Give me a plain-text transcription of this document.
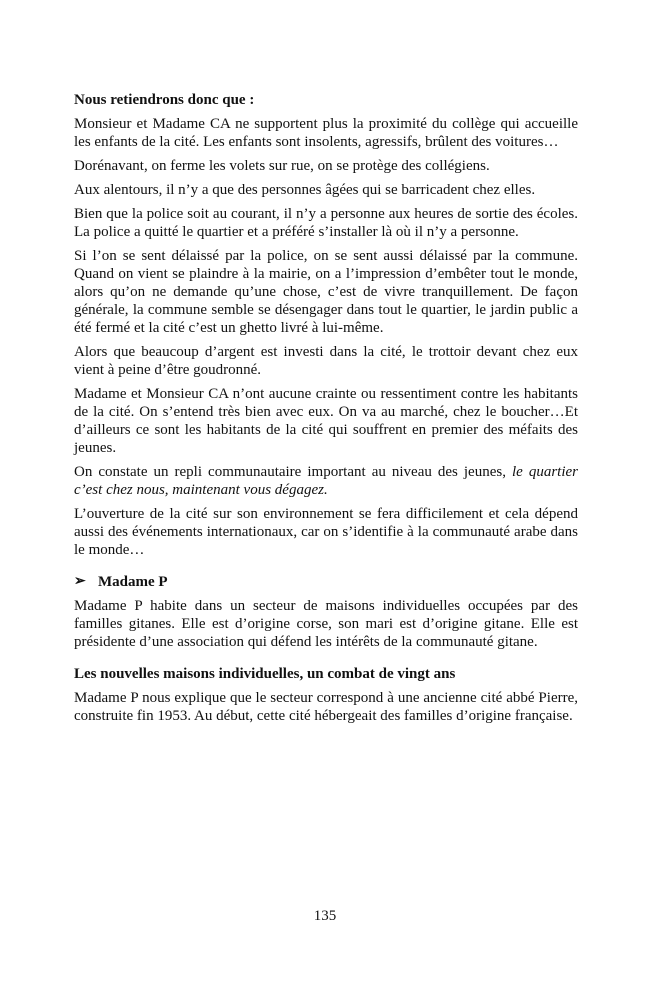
Nous retiendrons donc que :

Monsieur et Madame CA ne supportent plus la proximité du collège qui accueille les enfants de la cité. Les enfants sont insolents, agressifs, brûlent des voitures…

Dorénavant, on ferme les volets sur rue, on se protège des collégiens.

Aux alentours, il n’y a que des personnes âgées qui se barricadent chez elles.

Bien que la police soit au courant, il n’y a personne aux heures de sortie des écoles. La police a quitté le quartier et a préféré s’installer là où il n’y a personne.

Si l’on se sent délaissé par la police, on se sent aussi délaissé par la commune. Quand on vient se plaindre à la mairie, on a l’impression d’embêter tout le monde, alors qu’on ne demande qu’une chose, c’est de vivre tranquillement. De façon générale, la commune semble se désengager dans tout le quartier, le jardin public a été fermé et la cité c’est un ghetto livré à lui-même.

Alors que beaucoup d’argent est investi dans la cité, le trottoir devant chez eux vient à peine d’être goudronné.

Madame et Monsieur CA n’ont aucune crainte ou ressentiment contre les habitants de la cité. On s’entend très bien avec eux. On va au marché, chez le boucher…Et d’ailleurs ce sont les habitants de la cité qui souffrent en premier des méfaits des jeunes.

On constate un repli communautaire important au niveau des jeunes, le quartier c’est chez nous, maintenant vous dégagez.

L’ouverture de la cité sur son environnement se fera difficilement et cela dépend aussi des événements internationaux, car on s’identifie à la communauté arabe dans le monde…

➢ Madame P

Madame P habite dans un secteur de maisons individuelles occupées par des familles gitanes. Elle est d’origine corse, son mari est d’origine gitane. Elle est présidente d’une association qui défend les intérêts de la communauté gitane.

Les nouvelles maisons individuelles, un combat de vingt ans

Madame P nous explique que le secteur correspond à une ancienne cité abbé Pierre, construite fin 1953. Au début, cette cité hébergeait des familles d’origine française.

135
